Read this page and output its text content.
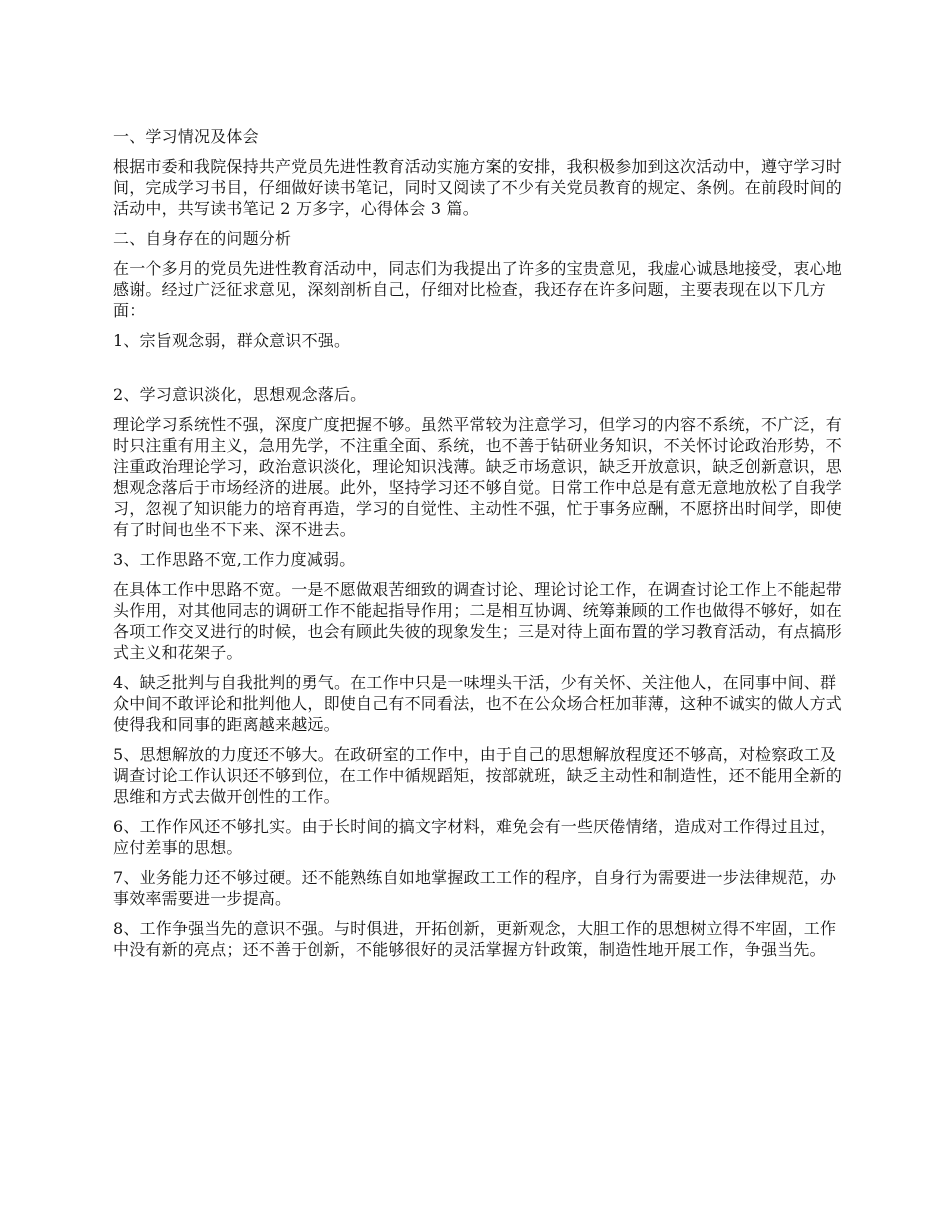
一、学习情况及体会

根据市委和我院保持共产党员先进性教育活动实施方案的安排，我积极参加到这次活动中，遵守学习时间，完成学习书目，仔细做好读书笔记，同时又阅读了不少有关党员教育的规定、条例。在前段时间的活动中，共写读书笔记 2 万多字，心得体会 3 篇。

二、自身存在的问题分析

在一个多月的党员先进性教育活动中，同志们为我提出了许多的宝贵意见，我虚心诚恳地接受，衷心地感谢。经过广泛征求意见，深刻剖析自己，仔细对比检查，我还存在许多问题，主要表现在以下几方面：

1、宗旨观念弱，群众意识不强。

2、学习意识淡化，思想观念落后。

理论学习系统性不强，深度广度把握不够。虽然平常较为注意学习，但学习的内容不系统，不广泛，有时只注重有用主义，急用先学，不注重全面、系统，也不善于钻研业务知识，不关怀讨论政治形势，不注重政治理论学习，政治意识淡化，理论知识浅薄。缺乏市场意识，缺乏开放意识，缺乏创新意识，思想观念落后于市场经济的进展。此外，坚持学习还不够自觉。日常工作中总是有意无意地放松了自我学习，忽视了知识能力的培育再造，学习的自觉性、主动性不强，忙于事务应酬，不愿挤出时间学，即使有了时间也坐不下来、深不进去。

3、工作思路不宽,工作力度减弱。

在具体工作中思路不宽。一是不愿做艰苦细致的调查讨论、理论讨论工作，在调查讨论工作上不能起带头作用，对其他同志的调研工作不能起指导作用；二是相互协调、统筹兼顾的工作也做得不够好，如在各项工作交叉进行的时候，也会有顾此失彼的现象发生；三是对待上面布置的学习教育活动，有点搞形式主义和花架子。

4、缺乏批判与自我批判的勇气。在工作中只是一味埋头干活，少有关怀、关注他人，在同事中间、群众中间不敢评论和批判他人，即使自己有不同看法，也不在公众场合枉加菲薄，这种不诚实的做人方式使得我和同事的距离越来越远。

5、思想解放的力度还不够大。在政研室的工作中，由于自己的思想解放程度还不够高，对检察政工及调查讨论工作认识还不够到位，在工作中循规蹈矩，按部就班，缺乏主动性和制造性，还不能用全新的思维和方式去做开创性的工作。

6、工作作风还不够扎实。由于长时间的搞文字材料，难免会有一些厌倦情绪，造成对工作得过且过，应付差事的思想。

7、业务能力还不够过硬。还不能熟练自如地掌握政工工作的程序，自身行为需要进一步法律规范，办事效率需要进一步提高。

8、工作争强当先的意识不强。与时俱进，开拓创新，更新观念，大胆工作的思想树立得不牢固，工作中没有新的亮点；还不善于创新，不能够很好的灵活掌握方针政策，制造性地开展工作，争强当先。
